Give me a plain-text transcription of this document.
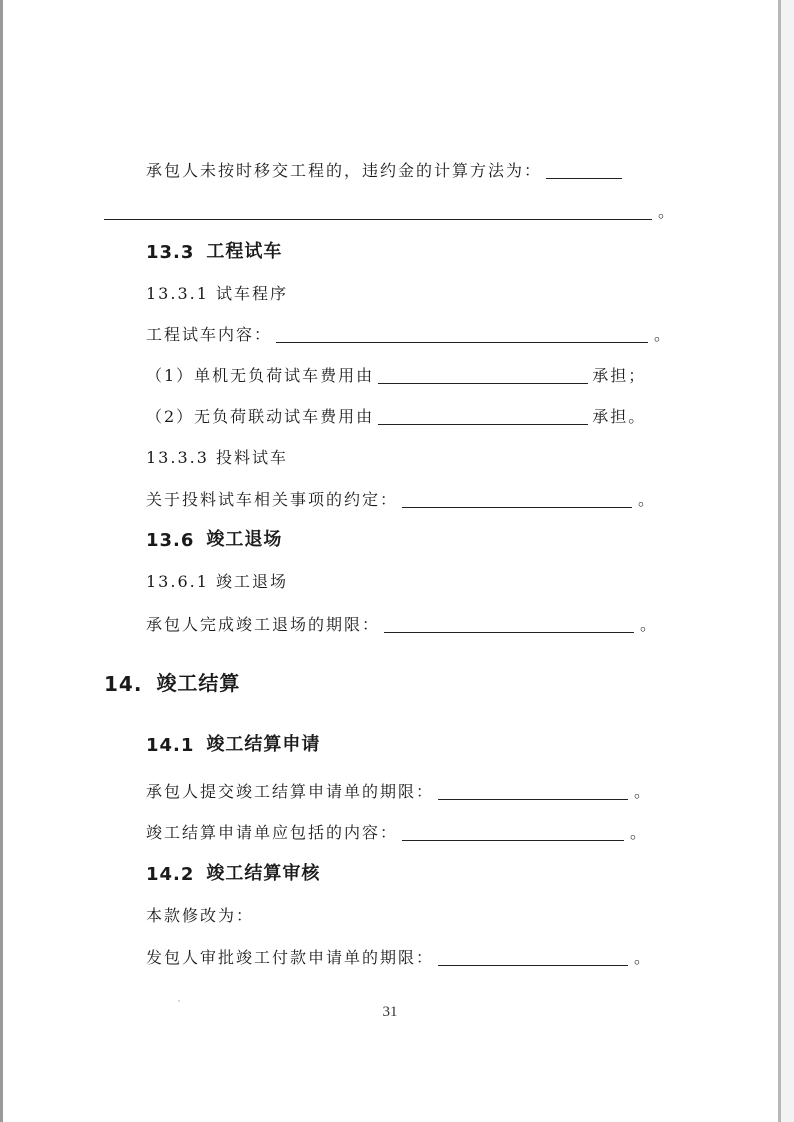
承包人未按时移交工程的，违约金的计算方法为：
。
13.3 工程试车
13.3.1 试车程序
工程试车内容：	。
（1）单机无负荷试车费用由	承担；
（2）无负荷联动试车费用由	承担。
13.3.3 投料试车
关于投料试车相关事项的约定：	。
13.6 竣工退场
13.6.1 竣工退场
承包人完成竣工退场的期限：	。
14. 竣工结算
14.1 竣工结算申请
承包人提交竣工结算申请单的期限：	。
竣工结算申请单应包括的内容：	。
14.2 竣工结算审核
本款修改为：
发包人审批竣工付款申请单的期限：	。
31
